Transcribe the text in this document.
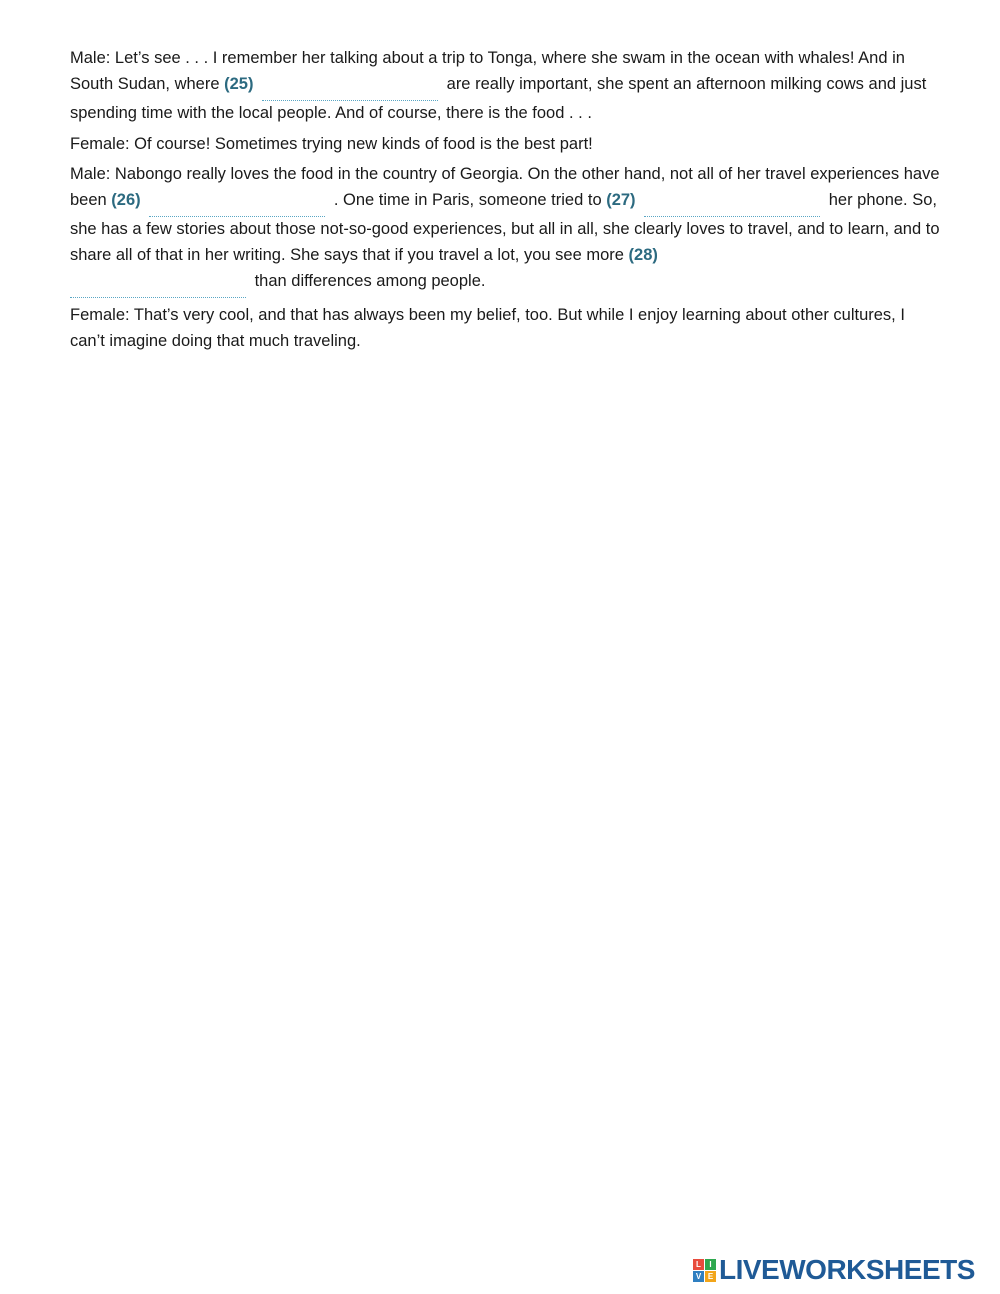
Male: Let’s see . . . I remember her talking about a trip to Tonga, where she swam in the ocean with whales! And in South Sudan, where (25)	are really important, she spent an afternoon milking cows and just spending time with the local people. And of course, there is the food . . .

Female: Of course! Sometimes trying new kinds of food is the best part!

Male: Nabongo really loves the food in the country of Georgia. On the other hand, not all of her travel experiences have been (26)	. One time in Paris, someone tried to (27)	her phone. So, she has a few stories about those not-so-good experiences, but all in all, she clearly loves to travel, and to learn, and to share all of that in her writing. She says that if you travel a lot, you see more (28)
than differences among people.

Female: That’s very cool, and that has always been my belief, too. But while I enjoy learning about other cultures, I can’t imagine doing that much traveling.

L	I
V E LIVEWORKSHEETS
